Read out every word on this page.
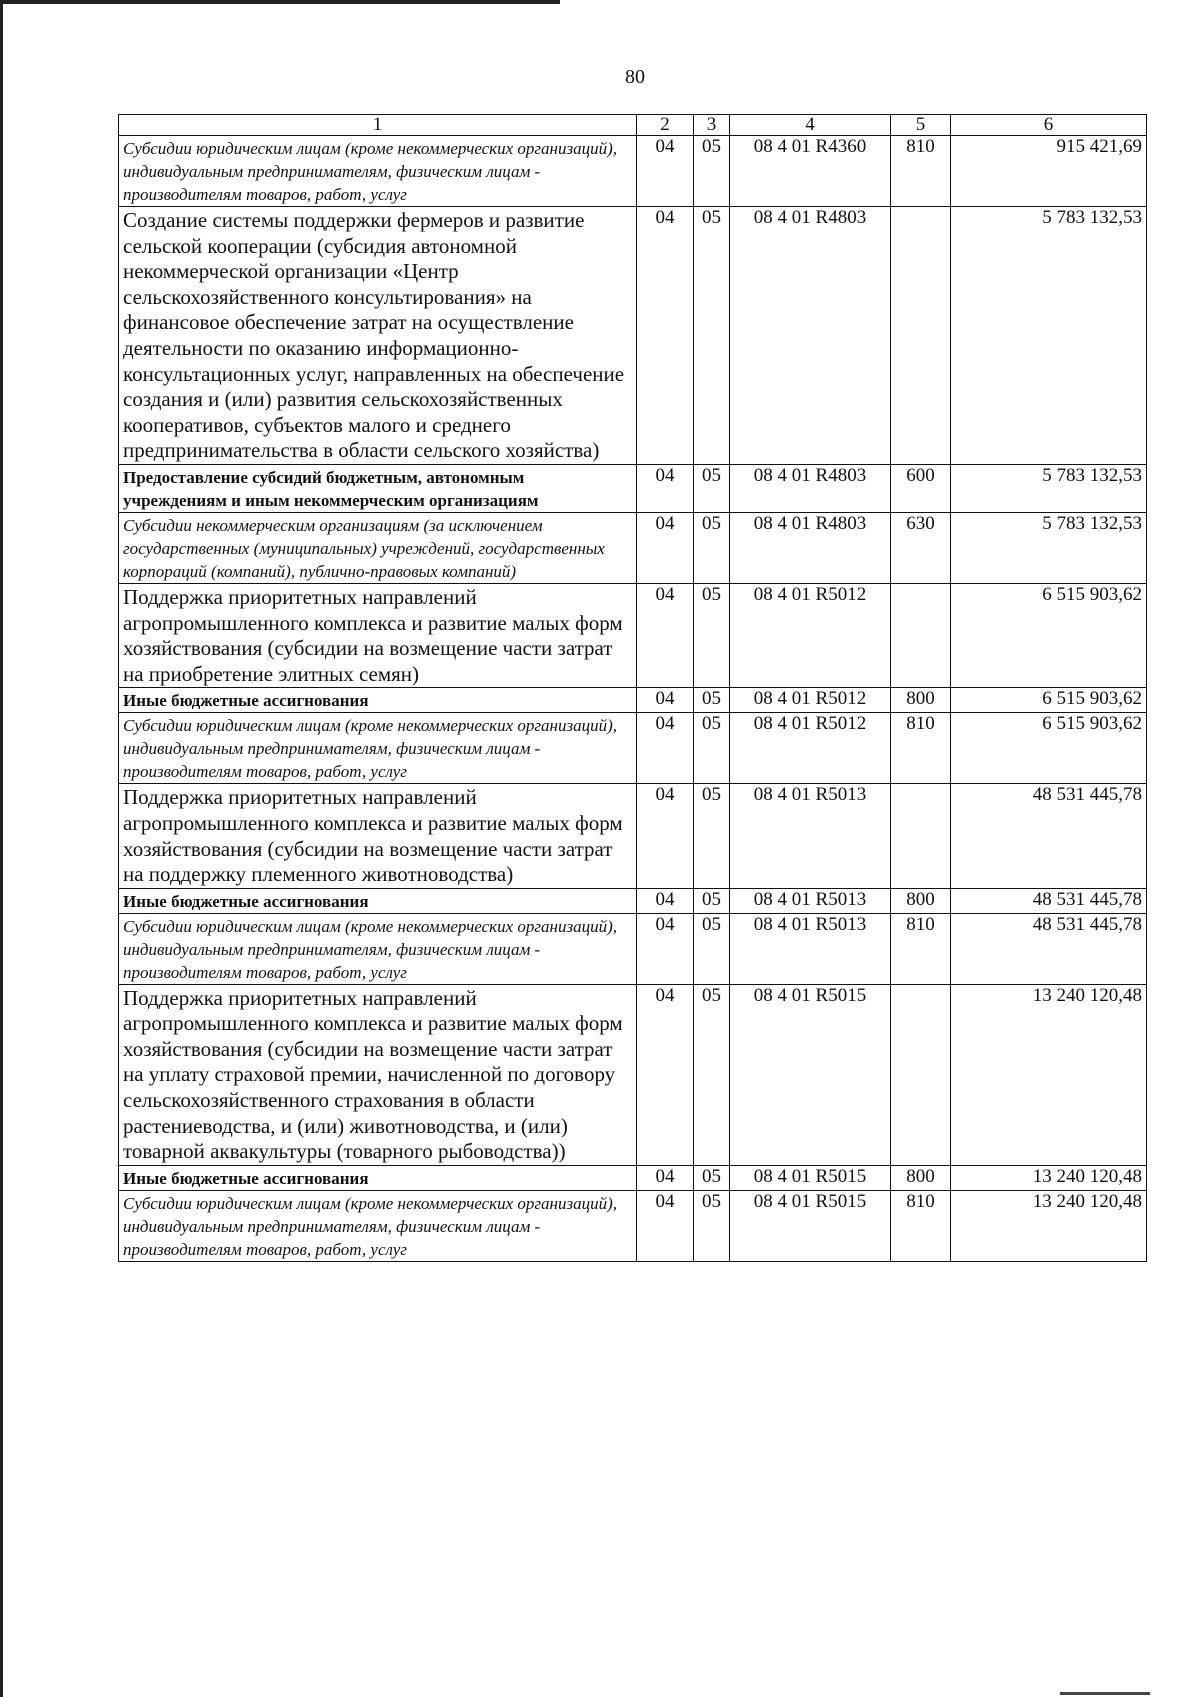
80
1	2	3	4	5	6
Субсидии юридическим лицам (кроме некоммерческих организаций), индивидуальным предпринимателям, физическим лицам - производителям товаров, работ, услуг	04	05	08 4 01 R4360	810	915 421,69
Создание системы поддержки фермеров и развитие сельской кооперации (субсидия автономной некоммерческой организации «Центр сельскохозяйственного консультирования» на финансовое обеспечение затрат на осуществление деятельности по оказанию информационно-консультационных услуг, направленных на обеспечение создания и (или) развития сельскохозяйственных кооперативов, субъектов малого и среднего предпринимательства в области сельского хозяйства)	04	05	08 4 01 R4803		5 783 132,53
Предоставление субсидий бюджетным, автономным учреждениям и иным некоммерческим организациям	04	05	08 4 01 R4803	600	5 783 132,53
Субсидии некоммерческим организациям (за исключением государственных (муниципальных) учреждений, государственных корпораций (компаний), публично-правовых компаний)	04	05	08 4 01 R4803	630	5 783 132,53
Поддержка приоритетных направлений агропромышленного комплекса и развитие малых форм хозяйствования (субсидии на возмещение части затрат на приобретение элитных семян)	04	05	08 4 01 R5012		6 515 903,62
Иные бюджетные ассигнования	04	05	08 4 01 R5012	800	6 515 903,62
Субсидии юридическим лицам (кроме некоммерческих организаций), индивидуальным предпринимателям, физическим лицам - производителям товаров, работ, услуг	04	05	08 4 01 R5012	810	6 515 903,62
Поддержка приоритетных направлений агропромышленного комплекса и развитие малых форм хозяйствования (субсидии на возмещение части затрат на поддержку племенного животноводства)	04	05	08 4 01 R5013		48 531 445,78
Иные бюджетные ассигнования	04	05	08 4 01 R5013	800	48 531 445,78
Субсидии юридическим лицам (кроме некоммерческих организаций), индивидуальным предпринимателям, физическим лицам - производителям товаров, работ, услуг	04	05	08 4 01 R5013	810	48 531 445,78
Поддержка приоритетных направлений агропромышленного комплекса и развитие малых форм хозяйствования (субсидии на возмещение части затрат на уплату страховой премии, начисленной по договору сельскохозяйственного страхования в области растениеводства, и (или) животноводства, и (или) товарной аквакультуры (товарного рыбоводства))	04	05	08 4 01 R5015		13 240 120,48
Иные бюджетные ассигнования	04	05	08 4 01 R5015	800	13 240 120,48
Субсидии юридическим лицам (кроме некоммерческих организаций), индивидуальным предпринимателям, физическим лицам - производителям товаров, работ, услуг	04	05	08 4 01 R5015	810	13 240 120,48
